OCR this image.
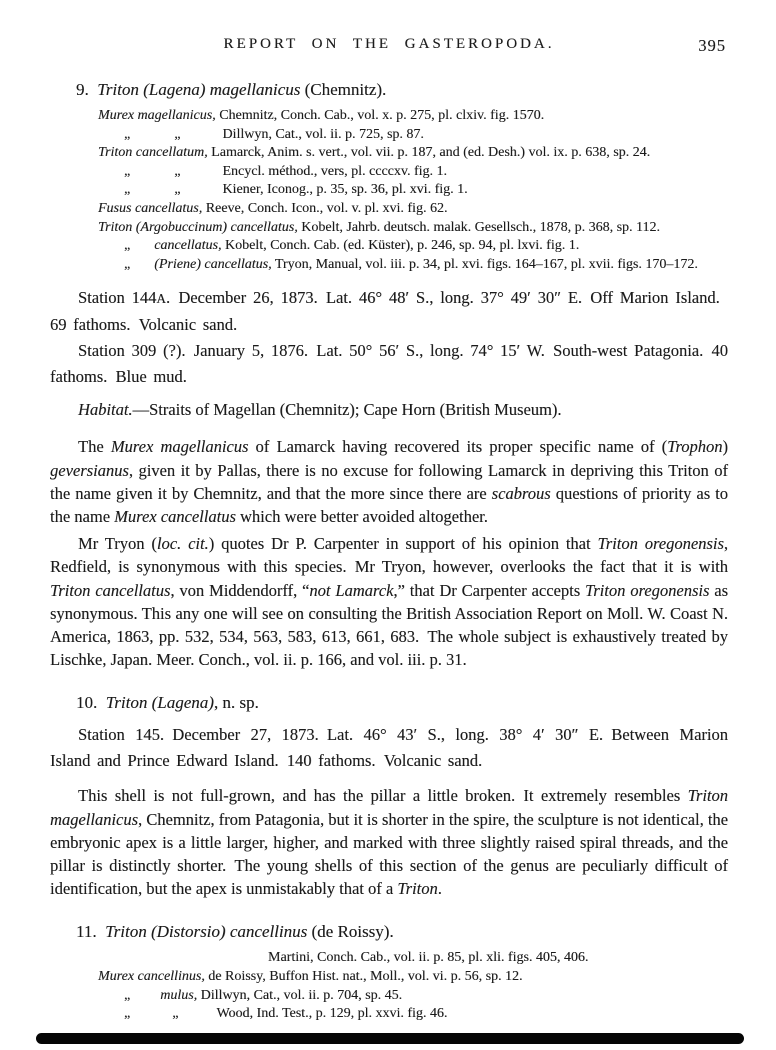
REPORT ON THE GASTEROPODA.	395
9. Triton (Lagena) magellanicus (Chemnitz).
Murex magellanicus, Chemnitz, Conch. Cab., vol. x. p. 275, pl. clxiv. fig. 1570.
„	„	Dillwyn, Cat., vol. ii. p. 725, sp. 87.
Triton cancellatum, Lamarck, Anim. s. vert., vol. vii. p. 187, and (ed. Desh.) vol. ix. p. 638, sp. 24.
„	„	Encycl. méthod., vers, pl. ccccxv. fig. 1.
„	„	Kiener, Iconog., p. 35, sp. 36, pl. xvi. fig. 1.
Fusus cancellatus, Reeve, Conch. Icon., vol. v. pl. xvi. fig. 62.
Triton (Argobuccinum) cancellatus, Kobelt, Jahrb. deutsch. malak. Gesellsch., 1878, p. 368, sp. 112.
„ cancellatus, Kobelt, Conch. Cab. (ed. Küster), p. 246, sp. 94, pl. lxvi. fig. 1.
„ (Priene) cancellatus, Tryon, Manual, vol. iii. p. 34, pl. xvi. figs. 164–167, pl. xvii. figs. 170–172.
Station 144A. December 26, 1873. Lat. 46° 48′ S., long. 37° 49′ 30″ E. Off Marion Island. 69 fathoms. Volcanic sand.
Station 309 (?). January 5, 1876. Lat. 50° 56′ S., long. 74° 15′ W. South-west Patagonia. 40 fathoms. Blue mud.
Habitat.—Straits of Magellan (Chemnitz); Cape Horn (British Museum).
The Murex magellanicus of Lamarck having recovered its proper specific name of (Trophon) geversianus, given it by Pallas, there is no excuse for following Lamarck in depriving this Triton of the name given it by Chemnitz, and that the more since there are scabrous questions of priority as to the name Murex cancellatus which were better avoided altogether.
Mr Tryon (loc. cit.) quotes Dr P. Carpenter in support of his opinion that Triton oregonensis, Redfield, is synonymous with this species. Mr Tryon, however, overlooks the fact that it is with Triton cancellatus, von Middendorff, “not Lamarck,” that Dr Carpenter accepts Triton oregonensis as synonymous. This any one will see on consulting the British Association Report on Moll. W. Coast N. America, 1863, pp. 532, 534, 563, 583, 613, 661, 683. The whole subject is exhaustively treated by Lischke, Japan. Meer. Conch., vol. ii. p. 166, and vol. iii. p. 31.
10. Triton (Lagena), n. sp.
Station 145. December 27, 1873. Lat. 46° 43′ S., long. 38° 4′ 30″ E. Between Marion Island and Prince Edward Island. 140 fathoms. Volcanic sand.
This shell is not full-grown, and has the pillar a little broken. It extremely resembles Triton magellanicus, Chemnitz, from Patagonia, but it is shorter in the spire, the sculpture is not identical, the embryonic apex is a little larger, higher, and marked with three slightly raised spiral threads, and the pillar is distinctly shorter. The young shells of this section of the genus are peculiarly difficult of identification, but the apex is unmistakably that of a Triton.
11. Triton (Distorsio) cancellinus (de Roissy).
Martini, Conch. Cab., vol. ii. p. 85, pl. xli. figs. 405, 406.
Murex cancellinus, de Roissy, Buffon Hist. nat., Moll., vol. vi. p. 56, sp. 12.
„ mulus, Dillwyn, Cat., vol. ii. p. 704, sp. 45.
„	„	Wood, Ind. Test., p. 129, pl. xxvi. fig. 46.
